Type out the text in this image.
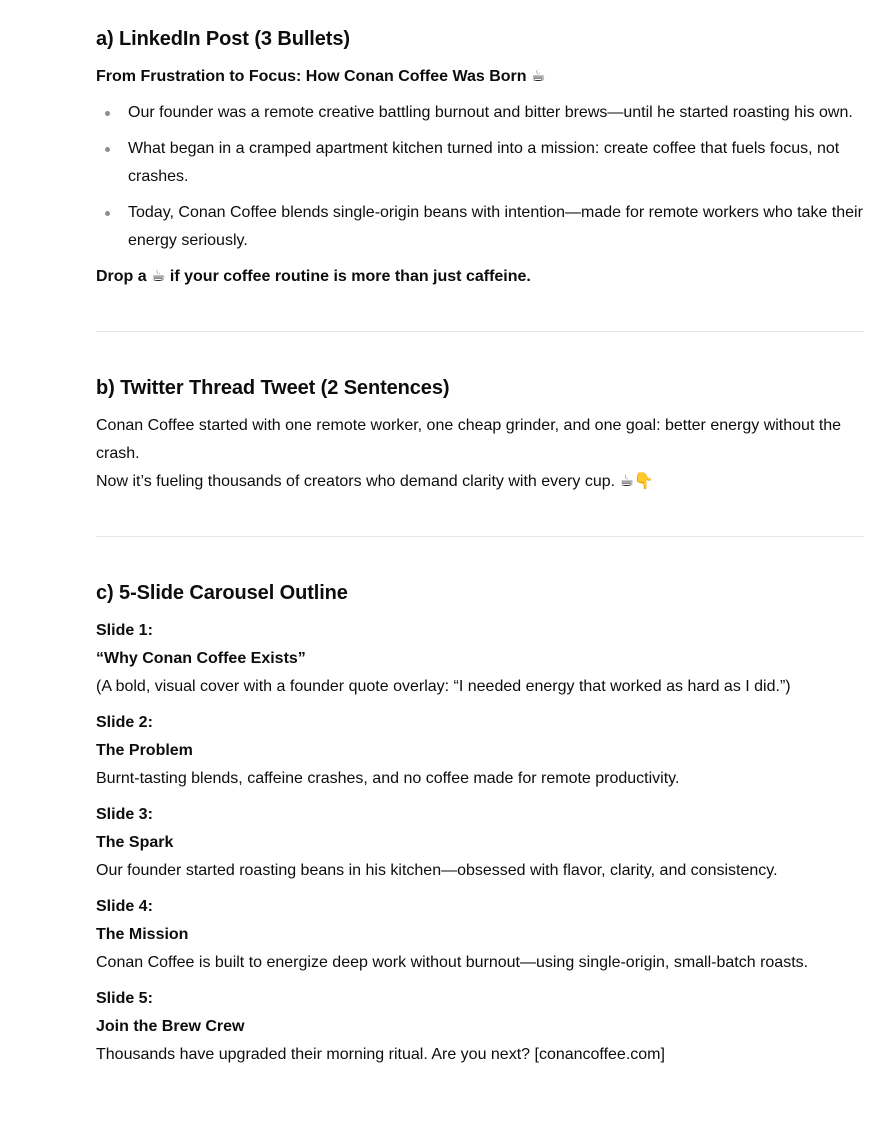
a) LinkedIn Post (3 Bullets)

From Frustration to Focus: How Conan Coffee Was Born ☕

Our founder was a remote creative battling burnout and bitter brews—until he started roasting his own.
What began in a cramped apartment kitchen turned into a mission: create coffee that fuels focus, not crashes.
Today, Conan Coffee blends single-origin beans with intention—made for remote workers who take their energy seriously.

Drop a ☕ if your coffee routine is more than just caffeine.

b) Twitter Thread Tweet (2 Sentences)

Conan Coffee started with one remote worker, one cheap grinder, and one goal: better energy without the crash.

Now it’s fueling thousands of creators who demand clarity with every cup. ☕👇

c) 5-Slide Carousel Outline

Slide 1:

“Why Conan Coffee Exists”

(A bold, visual cover with a founder quote overlay: “I needed energy that worked as hard as I did.”)

Slide 2:

The Problem

Burnt-tasting blends, caffeine crashes, and no coffee made for remote productivity.

Slide 3:

The Spark

Our founder started roasting beans in his kitchen—obsessed with flavor, clarity, and consistency.

Slide 4:

The Mission

Conan Coffee is built to energize deep work without burnout—using single-origin, small-batch roasts.

Slide 5:

Join the Brew Crew

Thousands have upgraded their morning ritual. Are you next? [conancoffee.com]
